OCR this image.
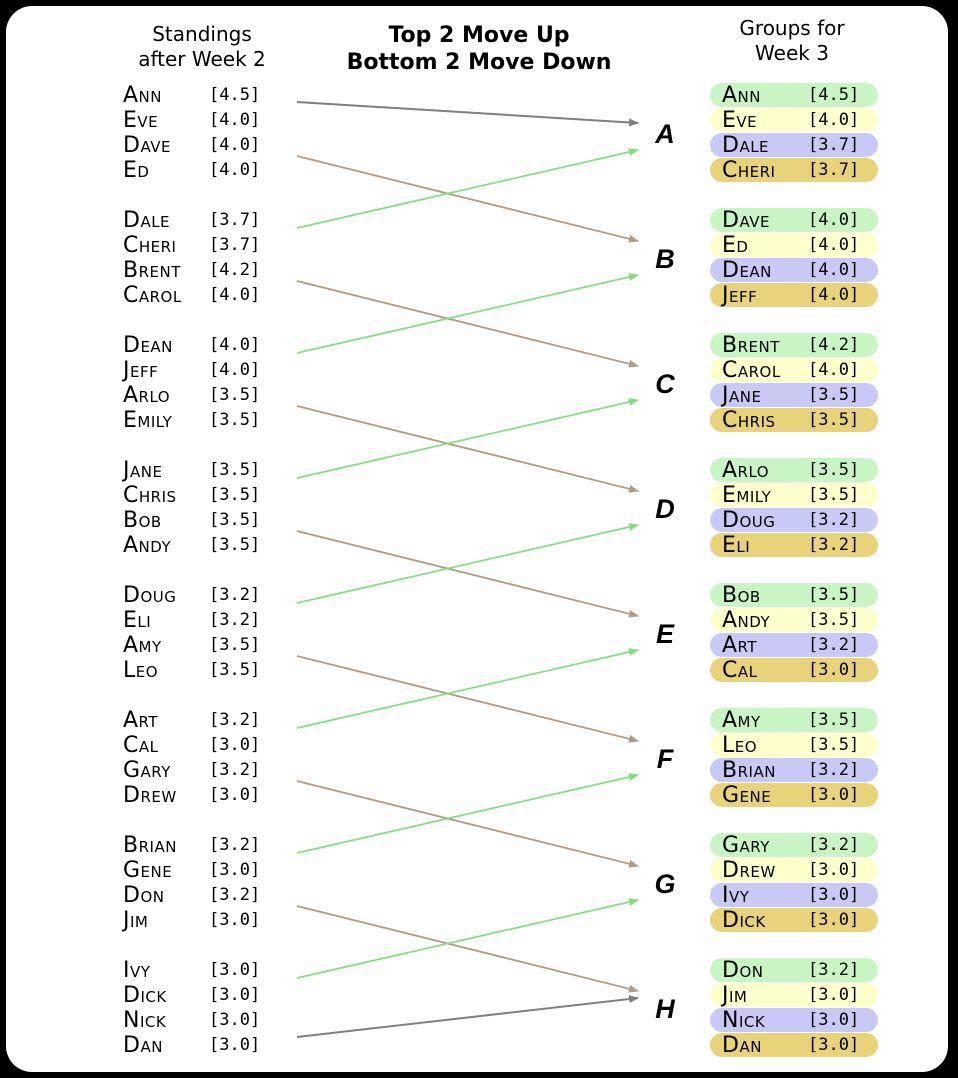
Standings
after Week 2
Top 2 Move Up
Bottom 2 Move Down
Groups for
Week 3
Ann	[4.5]
Eve	[4.0]
Dave [4.0]
Ed	[4.0]
Dale [3.7]
Cheri [3.7]
Brent [4.2]
Carol [4.0]
Dean [4.0]
Jeff	[4.0]
Arlo [3.5]
Emily [3.5]
Jane	[3.5]
Chris [3.5]
Bob	[3.5]
Andy [3.5]
Doug [3.2]
Eli	[3.2]
Amy	[3.5]
Leo	[3.5]
Art	[3.2]
Cal	[3.0]
Gary [3.2]
Drew [3.0]
Brian [3.2]
Gene [3.0]
Don	[3.2]
Jim	[3.0]
Ivy	[3.0]
Dick [3.0]
Nick	[3.0]
Dan	[3.0]
A
Ann	[4.5]
Eve	[4.0]
Dale [3.7]
Cheri [3.7]
B
Dave [4.0]
Ed	[4.0]
Dean [4.0]
Jeff	[4.0]
C
Brent [4.2]
Carol [4.0]
Jane	[3.5]
Chris [3.5]
D
Arlo [3.5]
Emily [3.5]
Doug [3.2]
Eli	[3.2]
E
Bob	[3.5]
Andy [3.5]
Art	[3.2]
Cal	[3.0]
F
Amy	[3.5]
Leo	[3.5]
Brian [3.2]
Gene [3.0]
G
Gary [3.2]
Drew [3.0]
Ivy	[3.0]
Dick [3.0]
H
Don	[3.2]
Jim	[3.0]
Nick	[3.0]
Dan	[3.0]
